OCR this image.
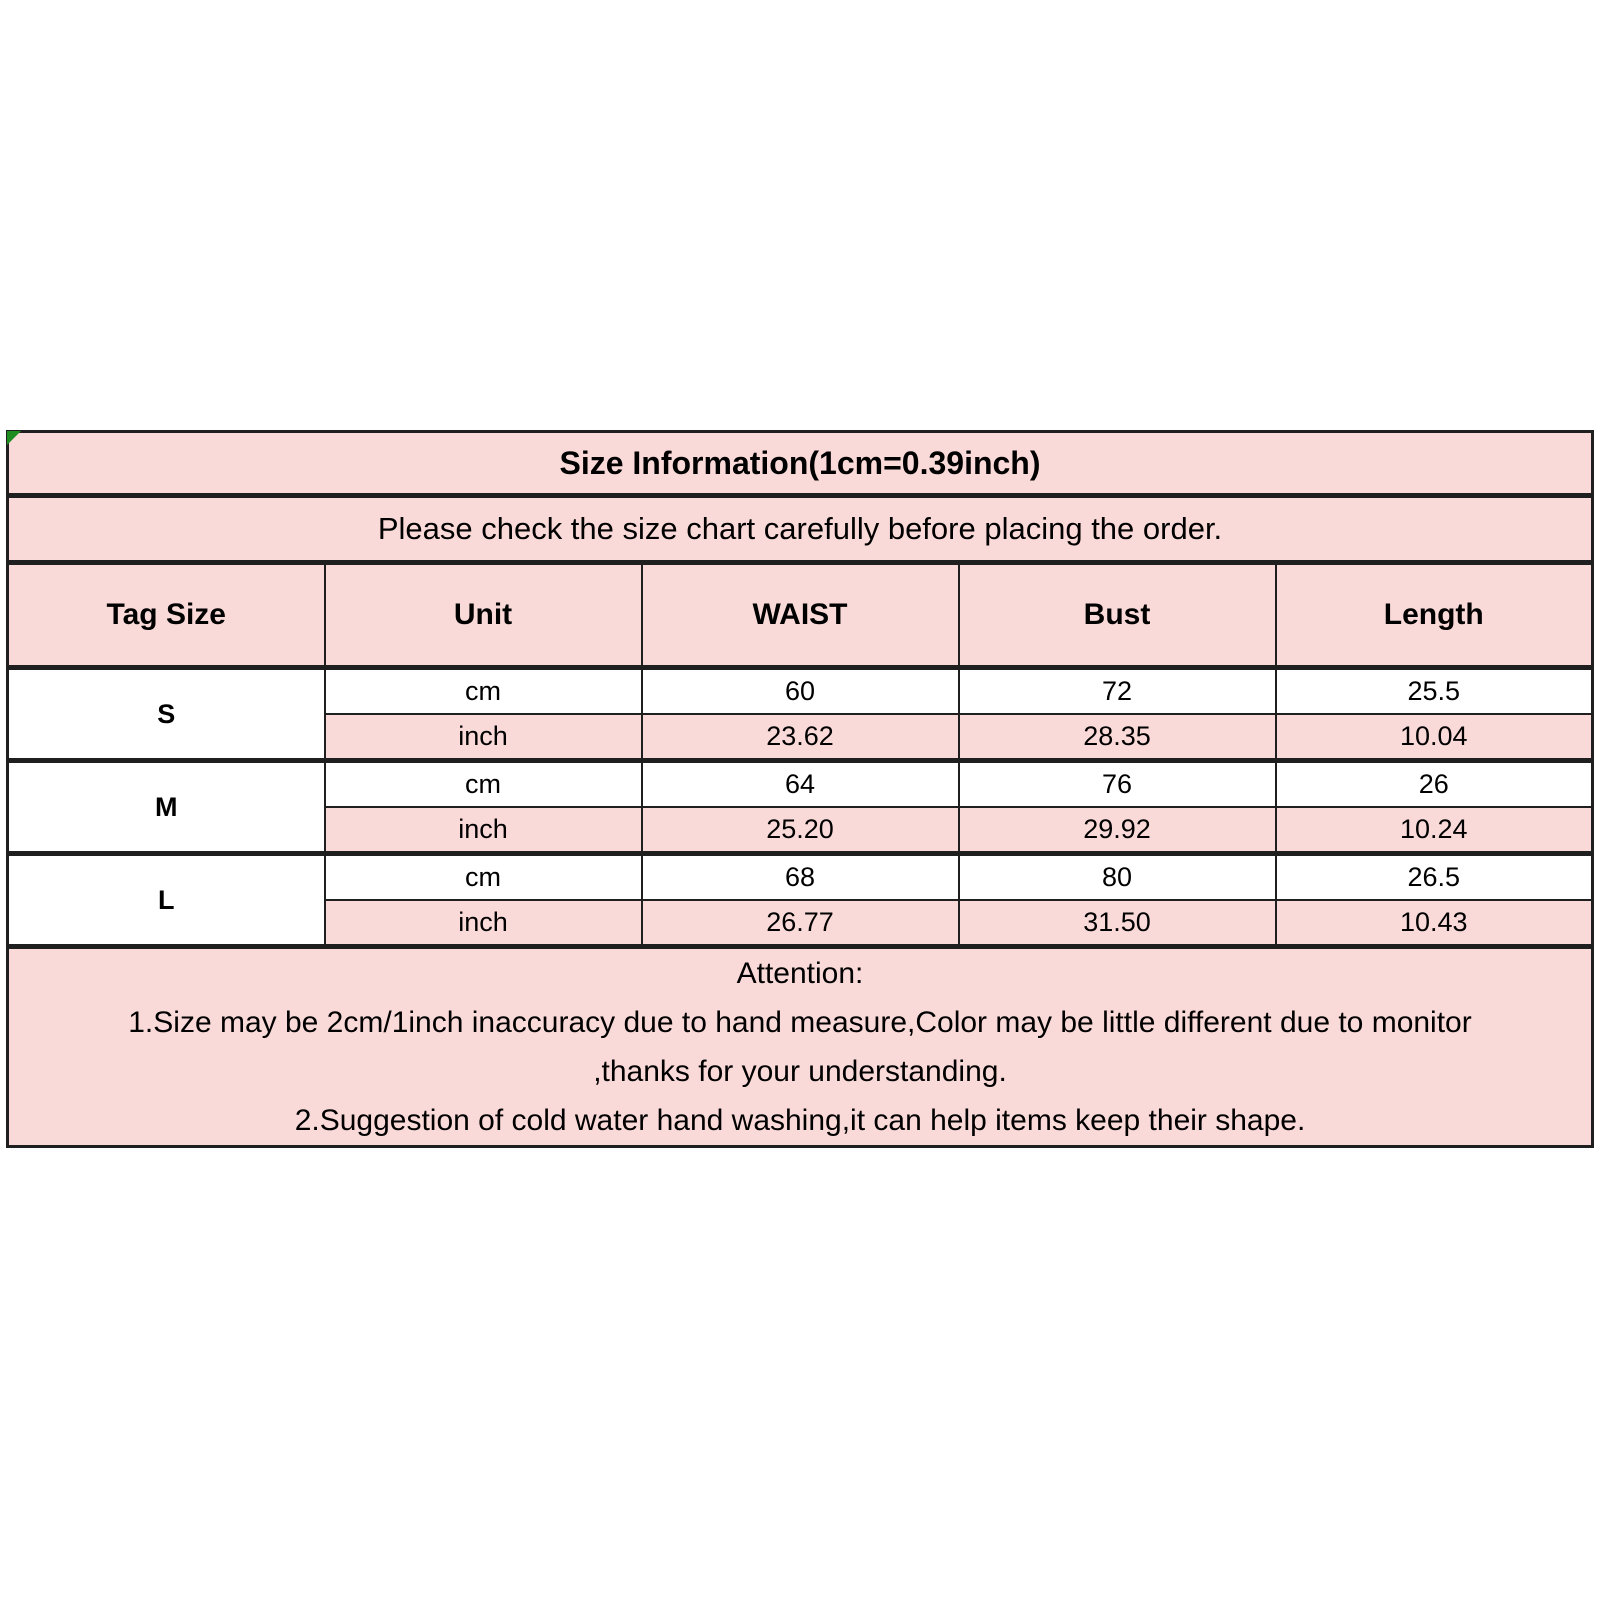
Size Information(1cm=0.39inch)				
Please check the size chart carefully before placing the order.				
Tag Size	Unit	WAIST	Bust	Length
S	cm	60	72	25.5
	inch	23.62	28.35	10.04
M	cm	64	76	26
	inch	25.20	29.92	10.24
L	cm	68	80	26.5
	inch	26.77	31.50	10.43

Attention:
1.Size may be 2cm/1inch inaccuracy due to hand measure,Color may be little different due to monitor
,thanks for your understanding.
2.Suggestion of cold water hand washing,it can help items keep their shape.				
